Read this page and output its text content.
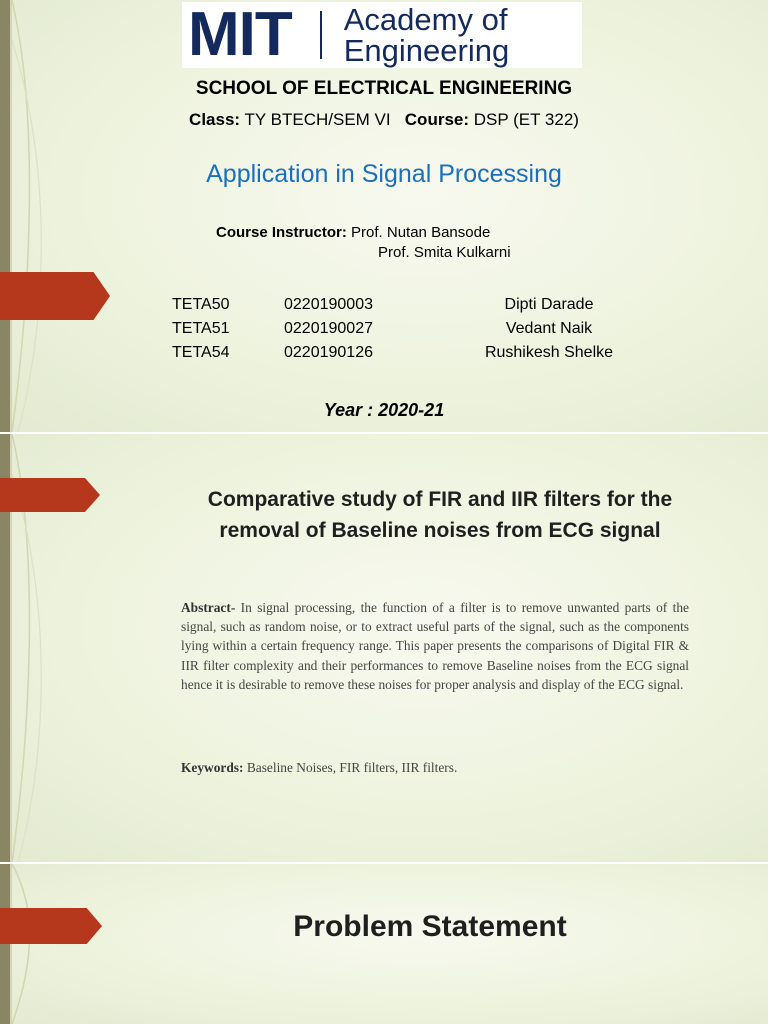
MIT Academy of
Engineering
SCHOOL OF ELECTRICAL ENGINEERING
Class: TY BTECH/SEM VI Course: DSP (ET 322)
Application in Signal Processing
Course Instructor: Prof. Nutan Bansode
Prof. Smita Kulkarni
TETA50	0220190003	Dipti Darade
TETA51	0220190027	Vedant Naik
TETA54	0220190126	Rushikesh Shelke
Year : 2020-21
Comparative study of FIR and IIR filters for the
removal of Baseline noises from ECG signal
Abstract- In signal processing, the function of a filter is to remove unwanted parts of the signal, such as random noise, or to extract useful parts of the signal, such as the components lying within a certain frequency range. This paper presents the comparisons of Digital FIR & IIR filter complexity and their performances to remove Baseline noises from the ECG signal hence it is desirable to remove these noises for proper analysis and display of the ECG signal.
Keywords: Baseline Noises, FIR filters, IIR filters.
Problem Statement
